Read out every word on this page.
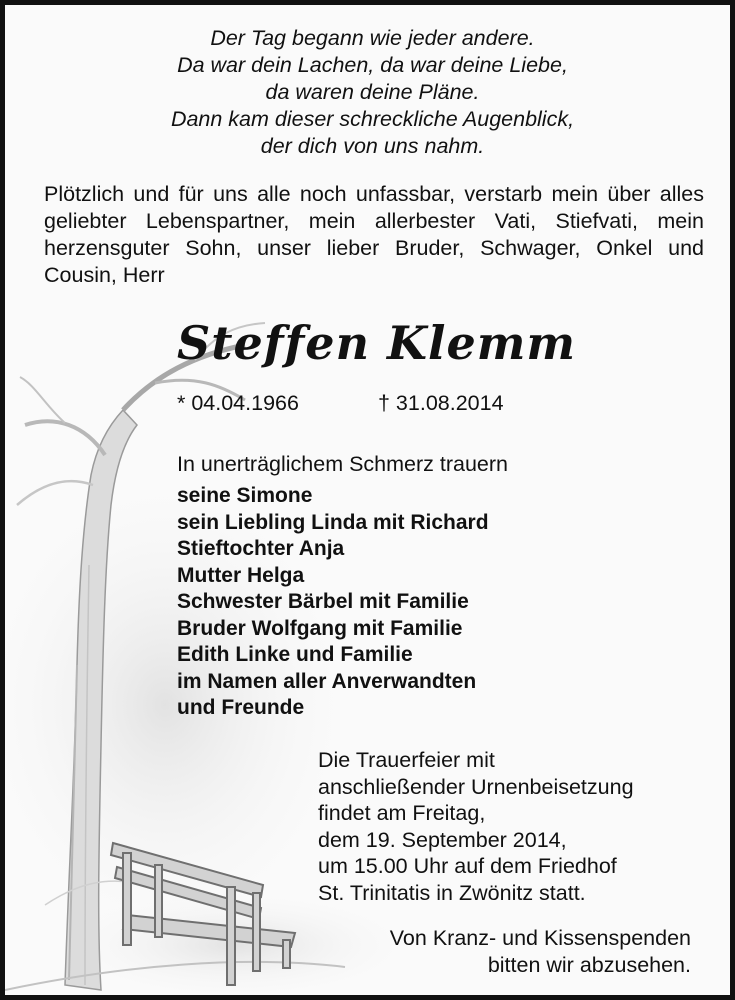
Der Tag begann wie jeder andere.
Da war dein Lachen, da war deine Liebe,
da waren deine Pläne.
Dann kam dieser schreckliche Augenblick,
der dich von uns nahm.
Plötzlich und für uns alle noch unfassbar, verstarb mein über alles geliebter Lebenspartner, mein allerbester Vati, Stiefvati, mein herzensguter Sohn, unser lieber Bruder, Schwager, Onkel und Cousin, Herr
Steffen Klemm
* 04.04.1966	† 31.08.2014
In unerträglichem Schmerz trauern
seine Simone
sein Liebling Linda mit Richard
Stieftochter Anja
Mutter Helga
Schwester Bärbel mit Familie
Bruder Wolfgang mit Familie
Edith Linke und Familie
im Namen aller Anverwandten
und Freunde
Die Trauerfeier mit
anschließender Urnenbeisetzung
findet am Freitag,
dem 19. September 2014,
um 15.00 Uhr auf dem Friedhof
St. Trinitatis in Zwönitz statt.
Von Kranz- und Kissenspenden
bitten wir abzusehen.
